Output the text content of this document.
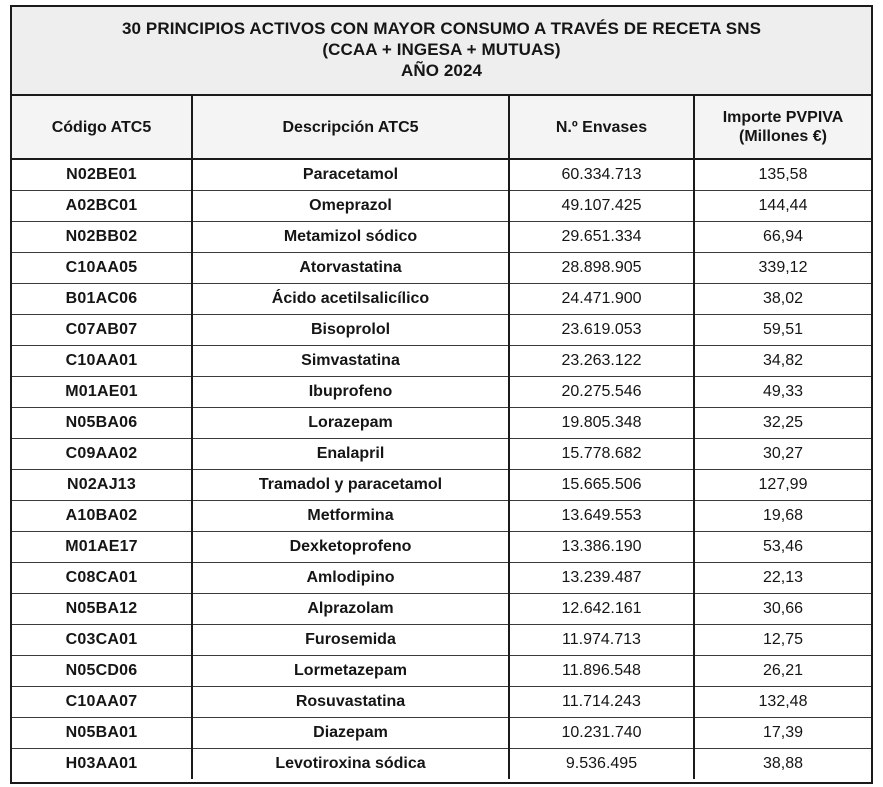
30 PRINCIPIOS ACTIVOS CON MAYOR CONSUMO A TRAVÉS DE RECETA SNS
(CCAA + INGESA + MUTUAS)
AÑO 2024
Código ATC5	Descripción ATC5	N.º Envases	Importe PVPIVA
(Millones €)
N02BE01	Paracetamol	60.334.713	135,58
A02BC01	Omeprazol	49.107.425	144,44
N02BB02	Metamizol sódico	29.651.334	66,94
C10AA05	Atorvastatina	28.898.905	339,12
B01AC06	Ácido acetilsalicílico	24.471.900	38,02
C07AB07	Bisoprolol	23.619.053	59,51
C10AA01	Simvastatina	23.263.122	34,82
M01AE01	Ibuprofeno	20.275.546	49,33
N05BA06	Lorazepam	19.805.348	32,25
C09AA02	Enalapril	15.778.682	30,27
N02AJ13	Tramadol y paracetamol	15.665.506	127,99
A10BA02	Metformina	13.649.553	19,68
M01AE17	Dexketoprofeno	13.386.190	53,46
C08CA01	Amlodipino	13.239.487	22,13
N05BA12	Alprazolam	12.642.161	30,66
C03CA01	Furosemida	11.974.713	12,75
N05CD06	Lormetazepam	11.896.548	26,21
C10AA07	Rosuvastatina	11.714.243	132,48
N05BA01	Diazepam	10.231.740	17,39
H03AA01	Levotiroxina sódica	9.536.495	38,88
